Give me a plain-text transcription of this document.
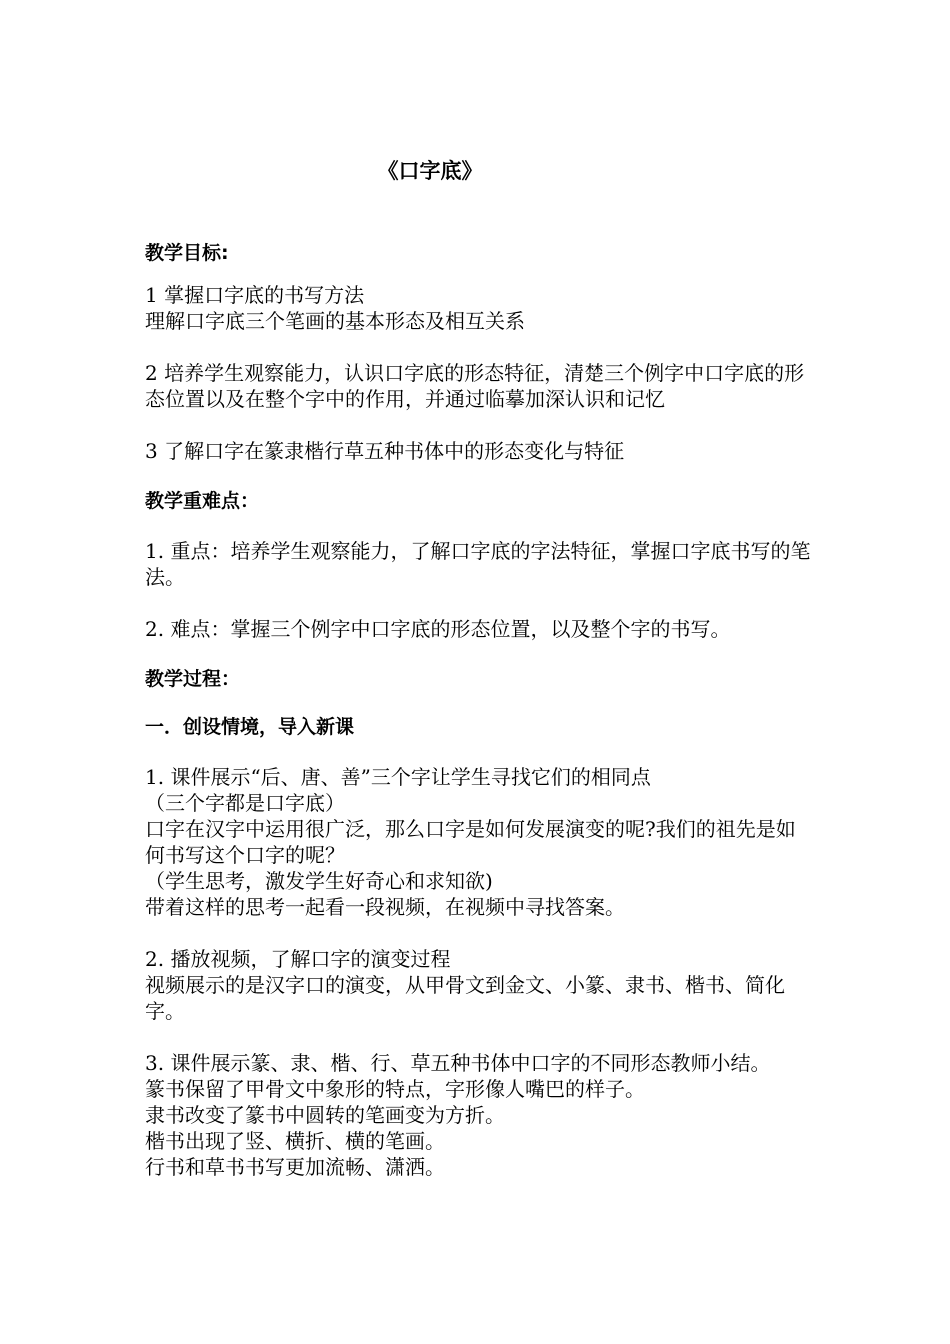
《口字底》

教学目标:

1 掌握口字底的书写方法

理解口字底三个笔画的基本形态及相互关系

2 培养学生观察能力，认识口字底的形态特征，清楚三个例字中口字底的形态位置以及在整个字中的作用，并通过临摹加深认识和记忆

3 了解口字在篆隶楷行草五种书体中的形态变化与特征

教学重难点：

1. 重点：培养学生观察能力，了解口字底的字法特征，掌握口字底书写的笔法。

2. 难点：掌握三个例字中口字底的形态位置，以及整个字的书写。

教学过程：

一．创设情境，导入新课

1. 课件展示“后、唐、善”三个字让学生寻找它们的相同点

（三个字都是口字底）

口字在汉字中运用很广泛，那么口字是如何发展演变的呢?我们的祖先是如何书写这个口字的呢？

（学生思考，激发学生好奇心和求知欲)

带着这样的思考一起看一段视频，在视频中寻找答案。

2. 播放视频，了解口字的演变过程

视频展示的是汉字口的演变，从甲骨文到金文、小篆、隶书、楷书、简化字。

3. 课件展示篆、隶、楷、行、草五种书体中口字的不同形态教师小结。

篆书保留了甲骨文中象形的特点，字形像人嘴巴的样子。

隶书改变了篆书中圆转的笔画变为方折。

楷书出现了竖、横折、横的笔画。

行书和草书书写更加流畅、潇洒。
